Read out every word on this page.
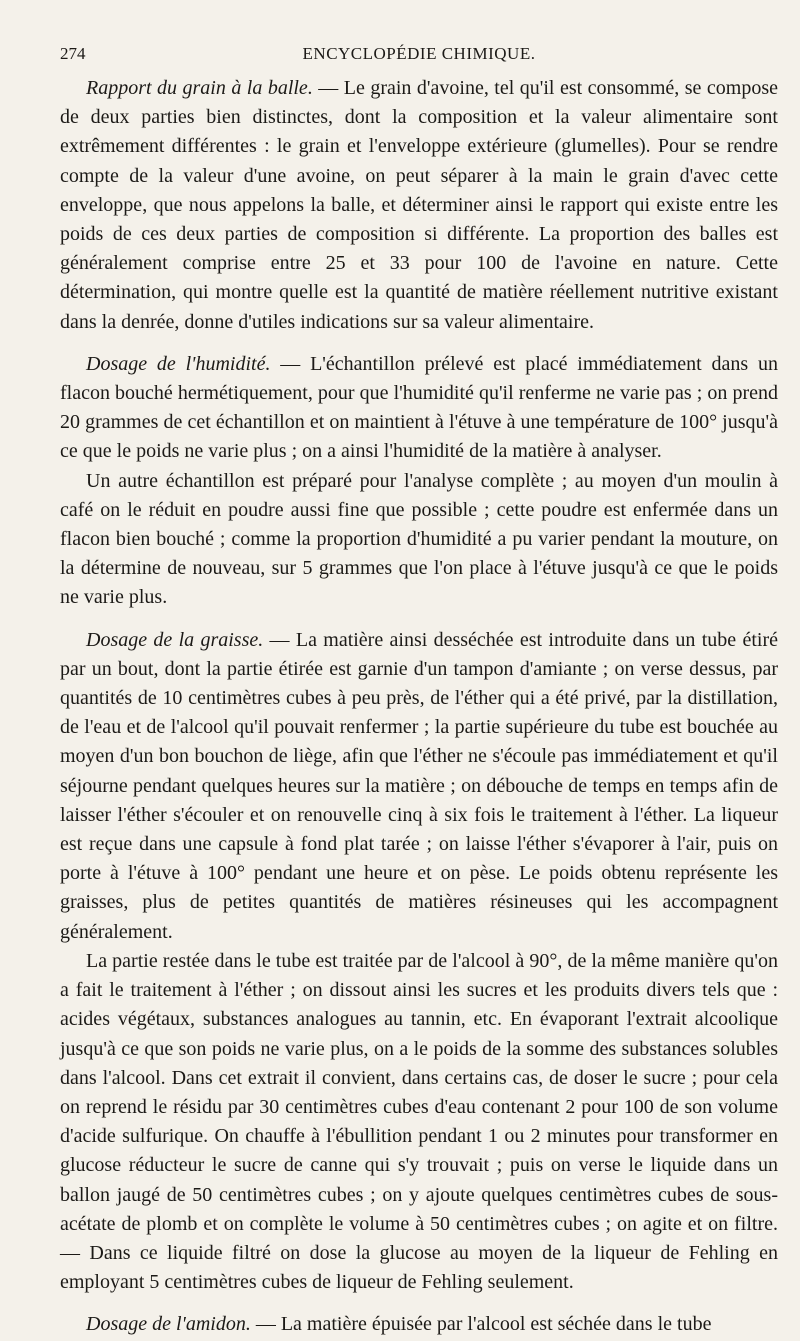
274	ENCYCLOPÉDIE CHIMIQUE.

Rapport du grain à la balle. — Le grain d'avoine, tel qu'il est consommé, se compose de deux parties bien distinctes, dont la composition et la valeur alimentaire sont extrêmement différentes : le grain et l'enveloppe extérieure (glumelles). Pour se rendre compte de la valeur d'une avoine, on peut séparer à la main le grain d'avec cette enveloppe, que nous appelons la balle, et déterminer ainsi le rapport qui existe entre les poids de ces deux parties de composition si différente. La proportion des balles est généralement comprise entre 25 et 33 pour 100 de l'avoine en nature. Cette détermination, qui montre quelle est la quantité de matière réellement nutritive existant dans la denrée, donne d'utiles indications sur sa valeur alimentaire.

Dosage de l'humidité. — L'échantillon prélevé est placé immédiatement dans un flacon bouché hermétiquement, pour que l'humidité qu'il renferme ne varie pas ; on prend 20 grammes de cet échantillon et on maintient à l'étuve à une température de 100° jusqu'à ce que le poids ne varie plus ; on a ainsi l'humidité de la matière à analyser.

Un autre échantillon est préparé pour l'analyse complète ; au moyen d'un moulin à café on le réduit en poudre aussi fine que possible ; cette poudre est enfermée dans un flacon bien bouché ; comme la proportion d'humidité a pu varier pendant la mouture, on la détermine de nouveau, sur 5 grammes que l'on place à l'étuve jusqu'à ce que le poids ne varie plus.

Dosage de la graisse. — La matière ainsi desséchée est introduite dans un tube étiré par un bout, dont la partie étirée est garnie d'un tampon d'amiante ; on verse dessus, par quantités de 10 centimètres cubes à peu près, de l'éther qui a été privé, par la distillation, de l'eau et de l'alcool qu'il pouvait renfermer ; la partie supérieure du tube est bouchée au moyen d'un bon bouchon de liège, afin que l'éther ne s'écoule pas immédiatement et qu'il séjourne pendant quelques heures sur la matière ; on débouche de temps en temps afin de laisser l'éther s'écouler et on renouvelle cinq à six fois le traitement à l'éther. La liqueur est reçue dans une capsule à fond plat tarée ; on laisse l'éther s'évaporer à l'air, puis on porte à l'étuve à 100° pendant une heure et on pèse. Le poids obtenu représente les graisses, plus de petites quantités de matières résineuses qui les accompagnent généralement.

La partie restée dans le tube est traitée par de l'alcool à 90°, de la même manière qu'on a fait le traitement à l'éther ; on dissout ainsi les sucres et les produits divers tels que : acides végétaux, substances analogues au tannin, etc. En évaporant l'extrait alcoolique jusqu'à ce que son poids ne varie plus, on a le poids de la somme des substances solubles dans l'alcool. Dans cet extrait il convient, dans certains cas, de doser le sucre ; pour cela on reprend le résidu par 30 centimètres cubes d'eau contenant 2 pour 100 de son volume d'acide sulfurique. On chauffe à l'ébullition pendant 1 ou 2 minutes pour transformer en glucose réducteur le sucre de canne qui s'y trouvait ; puis on verse le liquide dans un ballon jaugé de 50 centimètres cubes ; on y ajoute quelques centimètres cubes de sous-acétate de plomb et on complète le volume à 50 centimètres cubes ; on agite et on filtre. — Dans ce liquide filtré on dose la glucose au moyen de la liqueur de Fehling en employant 5 centimètres cubes de liqueur de Fehling seulement.

Dosage de l'amidon. — La matière épuisée par l'alcool est séchée dans le tube
